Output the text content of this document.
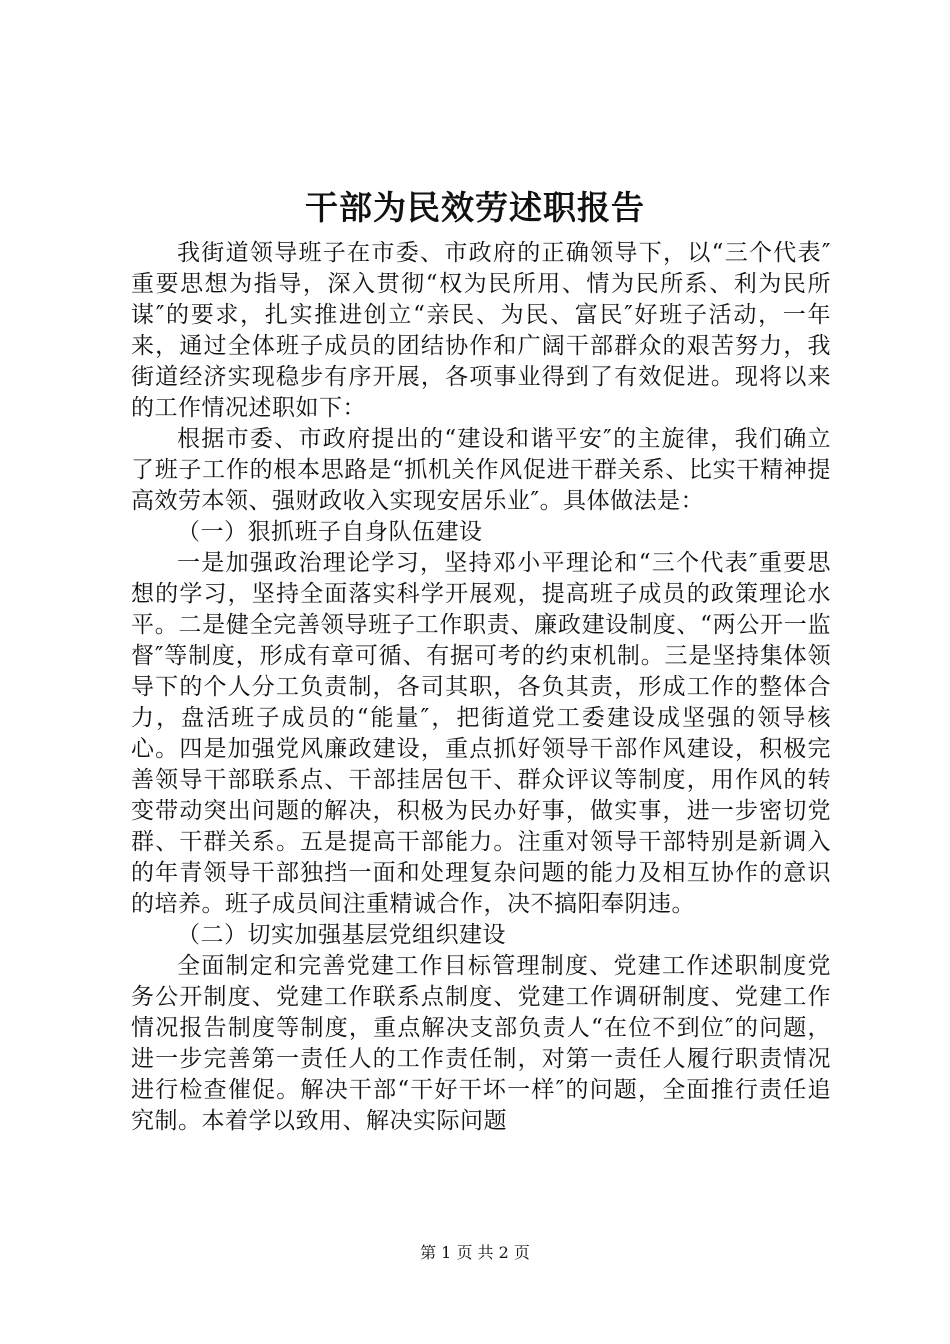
干部为民效劳述职报告

我街道领导班子在市委、市政府的正确领导下，以“三个代表″重要思想为指导，深入贯彻“权为民所用、情为民所系、利为民所谋″的要求，扎实推进创立“亲民、为民、富民″好班子活动，一年来，通过全体班子成员的团结协作和广阔干部群众的艰苦努力，我街道经济实现稳步有序开展，各项事业得到了有效促进。现将以来的工作情况述职如下：

根据市委、市政府提出的“建设和谐平安″的主旋律，我们确立了班子工作的根本思路是“抓机关作风促进干群关系、比实干精神提高效劳本领、强财政收入实现安居乐业″。具体做法是：

（一）狠抓班子自身队伍建设

一是加强政治理论学习，坚持邓小平理论和“三个代表″重要思想的学习，坚持全面落实科学开展观，提高班子成员的政策理论水平。二是健全完善领导班子工作职责、廉政建设制度、“两公开一监督″等制度，形成有章可循、有据可考的约束机制。三是坚持集体领导下的个人分工负责制，各司其职，各负其责，形成工作的整体合力，盘活班子成员的“能量″，把街道党工委建设成坚强的领导核心。四是加强党风廉政建设，重点抓好领导干部作风建设，积极完善领导干部联系点、干部挂居包干、群众评议等制度，用作风的转变带动突出问题的解决，积极为民办好事，做实事，进一步密切党群、干群关系。五是提高干部能力。注重对领导干部特别是新调入的年青领导干部独挡一面和处理复杂问题的能力及相互协作的意识的培养。班子成员间注重精诚合作，决不搞阳奉阴违。

（二）切实加强基层党组织建设

全面制定和完善党建工作目标管理制度、党建工作述职制度党务公开制度、党建工作联系点制度、党建工作调研制度、党建工作情况报告制度等制度，重点解决支部负责人“在位不到位″的问题，进一步完善第一责任人的工作责任制，对第一责任人履行职责情况进行检查催促。解决干部“干好干坏一样″的问题，全面推行责任追究制。本着学以致用、解决实际问题

第 1 页 共 2 页
